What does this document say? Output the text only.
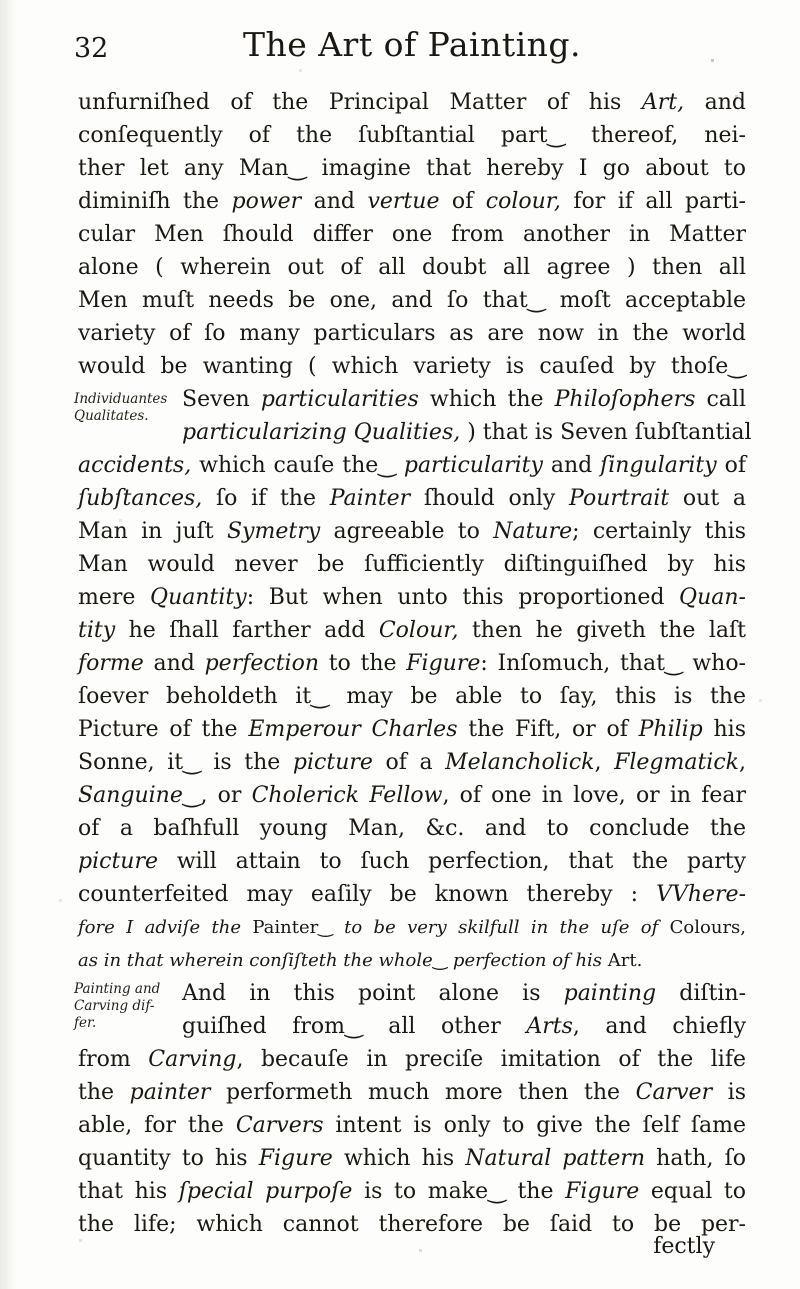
32	The Art of Painting.
unfurniſhed of the Principal Matter of his Art, and
conſequently of the ſubſtantial part‿ thereof, nei-
ther let any Man‿ imagine that hereby I go about to
diminiſh the power and vertue of colour, for if all parti-
cular Men ſhould differ one from another in Matter
alone ( wherein out of all doubt all agree ) then all
Men muſt needs be one, and ſo that‿ moſt acceptable
variety of ſo many particulars as are now in the world
would be wanting ( which variety is cauſed by thoſe‿
Seven particularities which the Philoſophers call
particularizing Qualities, ) that is Seven ſubſtantial
accidents, which cauſe the‿ particularity and ſingularity of
ſubſtances, ſo if the Painter ſhould only Pourtrait out a
Man in juſt Symetry agreeable to Nature; certainly this
Man would never be ſufficiently diſtinguiſhed by his
mere Quantity: But when unto this proportioned Quan-
tity he ſhall farther add Colour, then he giveth the laſt
forme and perfection to the Figure: Inſomuch, that‿ who-
ſoever beholdeth it‿ may be able to ſay, this is the
Picture of the Emperour Charles the Fift, or of Philip his
Sonne, it‿ is the picture of a Melancholick, Flegmatick,
Sanguine‿, or Cholerick Fellow, of one in love, or in fear
of a baſhfull young Man, &c. and to conclude the
picture will attain to ſuch perfection, that the party
counterfeited may eaſily be known thereby : VVhere-
fore I adviſe the Painter‿ to be very skilfull in the uſe of Colours,
as in that wherein conſiſteth the whole‿ perfection of his Art.
And in this point alone is painting diſtin-
guiſhed from‿ all other Arts, and chiefly
from Carving, becauſe in preciſe imitation of the life
the painter performeth much more then the Carver is
able, for the Carvers intent is only to give the ſelf ſame
quantity to his Figure which his Natural pattern hath, ſo
that his ſpecial purpoſe is to make‿ the Figure equal to
the life; which cannot therefore be ſaid to be per-
fectly
Individuantes
Qualitates.
Painting and
Carving dif-
fer.
